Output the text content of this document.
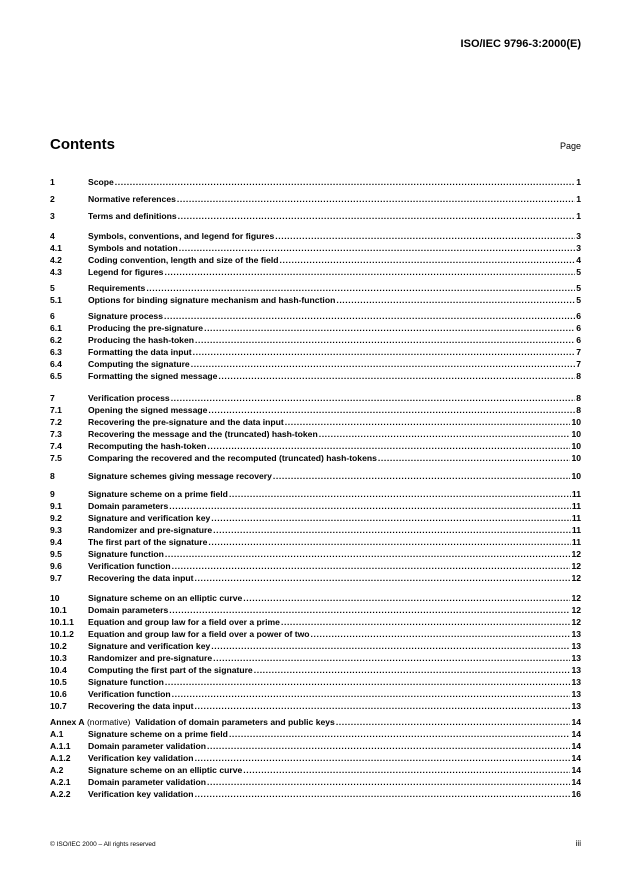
ISO/IEC 9796-3:2000(E)
Contents	Page
1	Scope .....	1
2	Normative references .....	1
3	Terms and definitions .....	1
4	Symbols, conventions, and legend for figures .....	3
4.1	Symbols and notation .....	3
4.2	Coding convention, length and size of the field .....	4
4.3	Legend for figures .....	5
5	Requirements .....	5
5.1	Options for binding signature mechanism and hash-function .....	5
6	Signature process .....	6
6.1	Producing the pre-signature .....	6
6.2	Producing the hash-token .....	6
6.3	Formatting the data input .....	7
6.4	Computing the signature .....	7
6.5	Formatting the signed message .....	8
7	Verification process .....	8
7.1	Opening the signed message .....	8
7.2	Recovering the pre-signature and the data input .....	10
7.3	Recovering the message and the (truncated) hash-token .....	10
7.4	Recomputing the hash-token .....	10
7.5	Comparing the recovered and the recomputed (truncated) hash-tokens .....	10
8	Signature schemes giving message recovery .....	10
9	Signature scheme on a prime field .....	11
9.1	Domain parameters .....	11
9.2	Signature and verification key .....	11
9.3	Randomizer and pre-signature .....	11
9.4	The first part of the signature .....	11
9.5	Signature function .....	12
9.6	Verification function .....	12
9.7	Recovering the data input .....	12
10	Signature scheme on an elliptic curve .....	12
10.1	Domain parameters .....	12
10.1.1	Equation and group law for a field over a prime .....	12
10.1.2	Equation and group law for a field over a power of two .....	13
10.2	Signature and verification key .....	13
10.3	Randomizer and pre-signature .....	13
10.4	Computing the first part of the signature .....	13
10.5	Signature function .....	13
10.6	Verification function .....	13
10.7	Recovering the data input .....	13
Annex A
(normative)
Validation of domain parameters and public keys .....	14
A.1	Signature scheme on a prime field .....	14
A.1.1	Domain parameter validation .....	14
A.1.2	Verification key validation .....	14
A.2	Signature scheme on an elliptic curve .....	14
A.2.1	Domain parameter validation .....	14
A.2.2	Verification key validation .....	16
© ISO/IEC 2000 – All rights reserved	iii
